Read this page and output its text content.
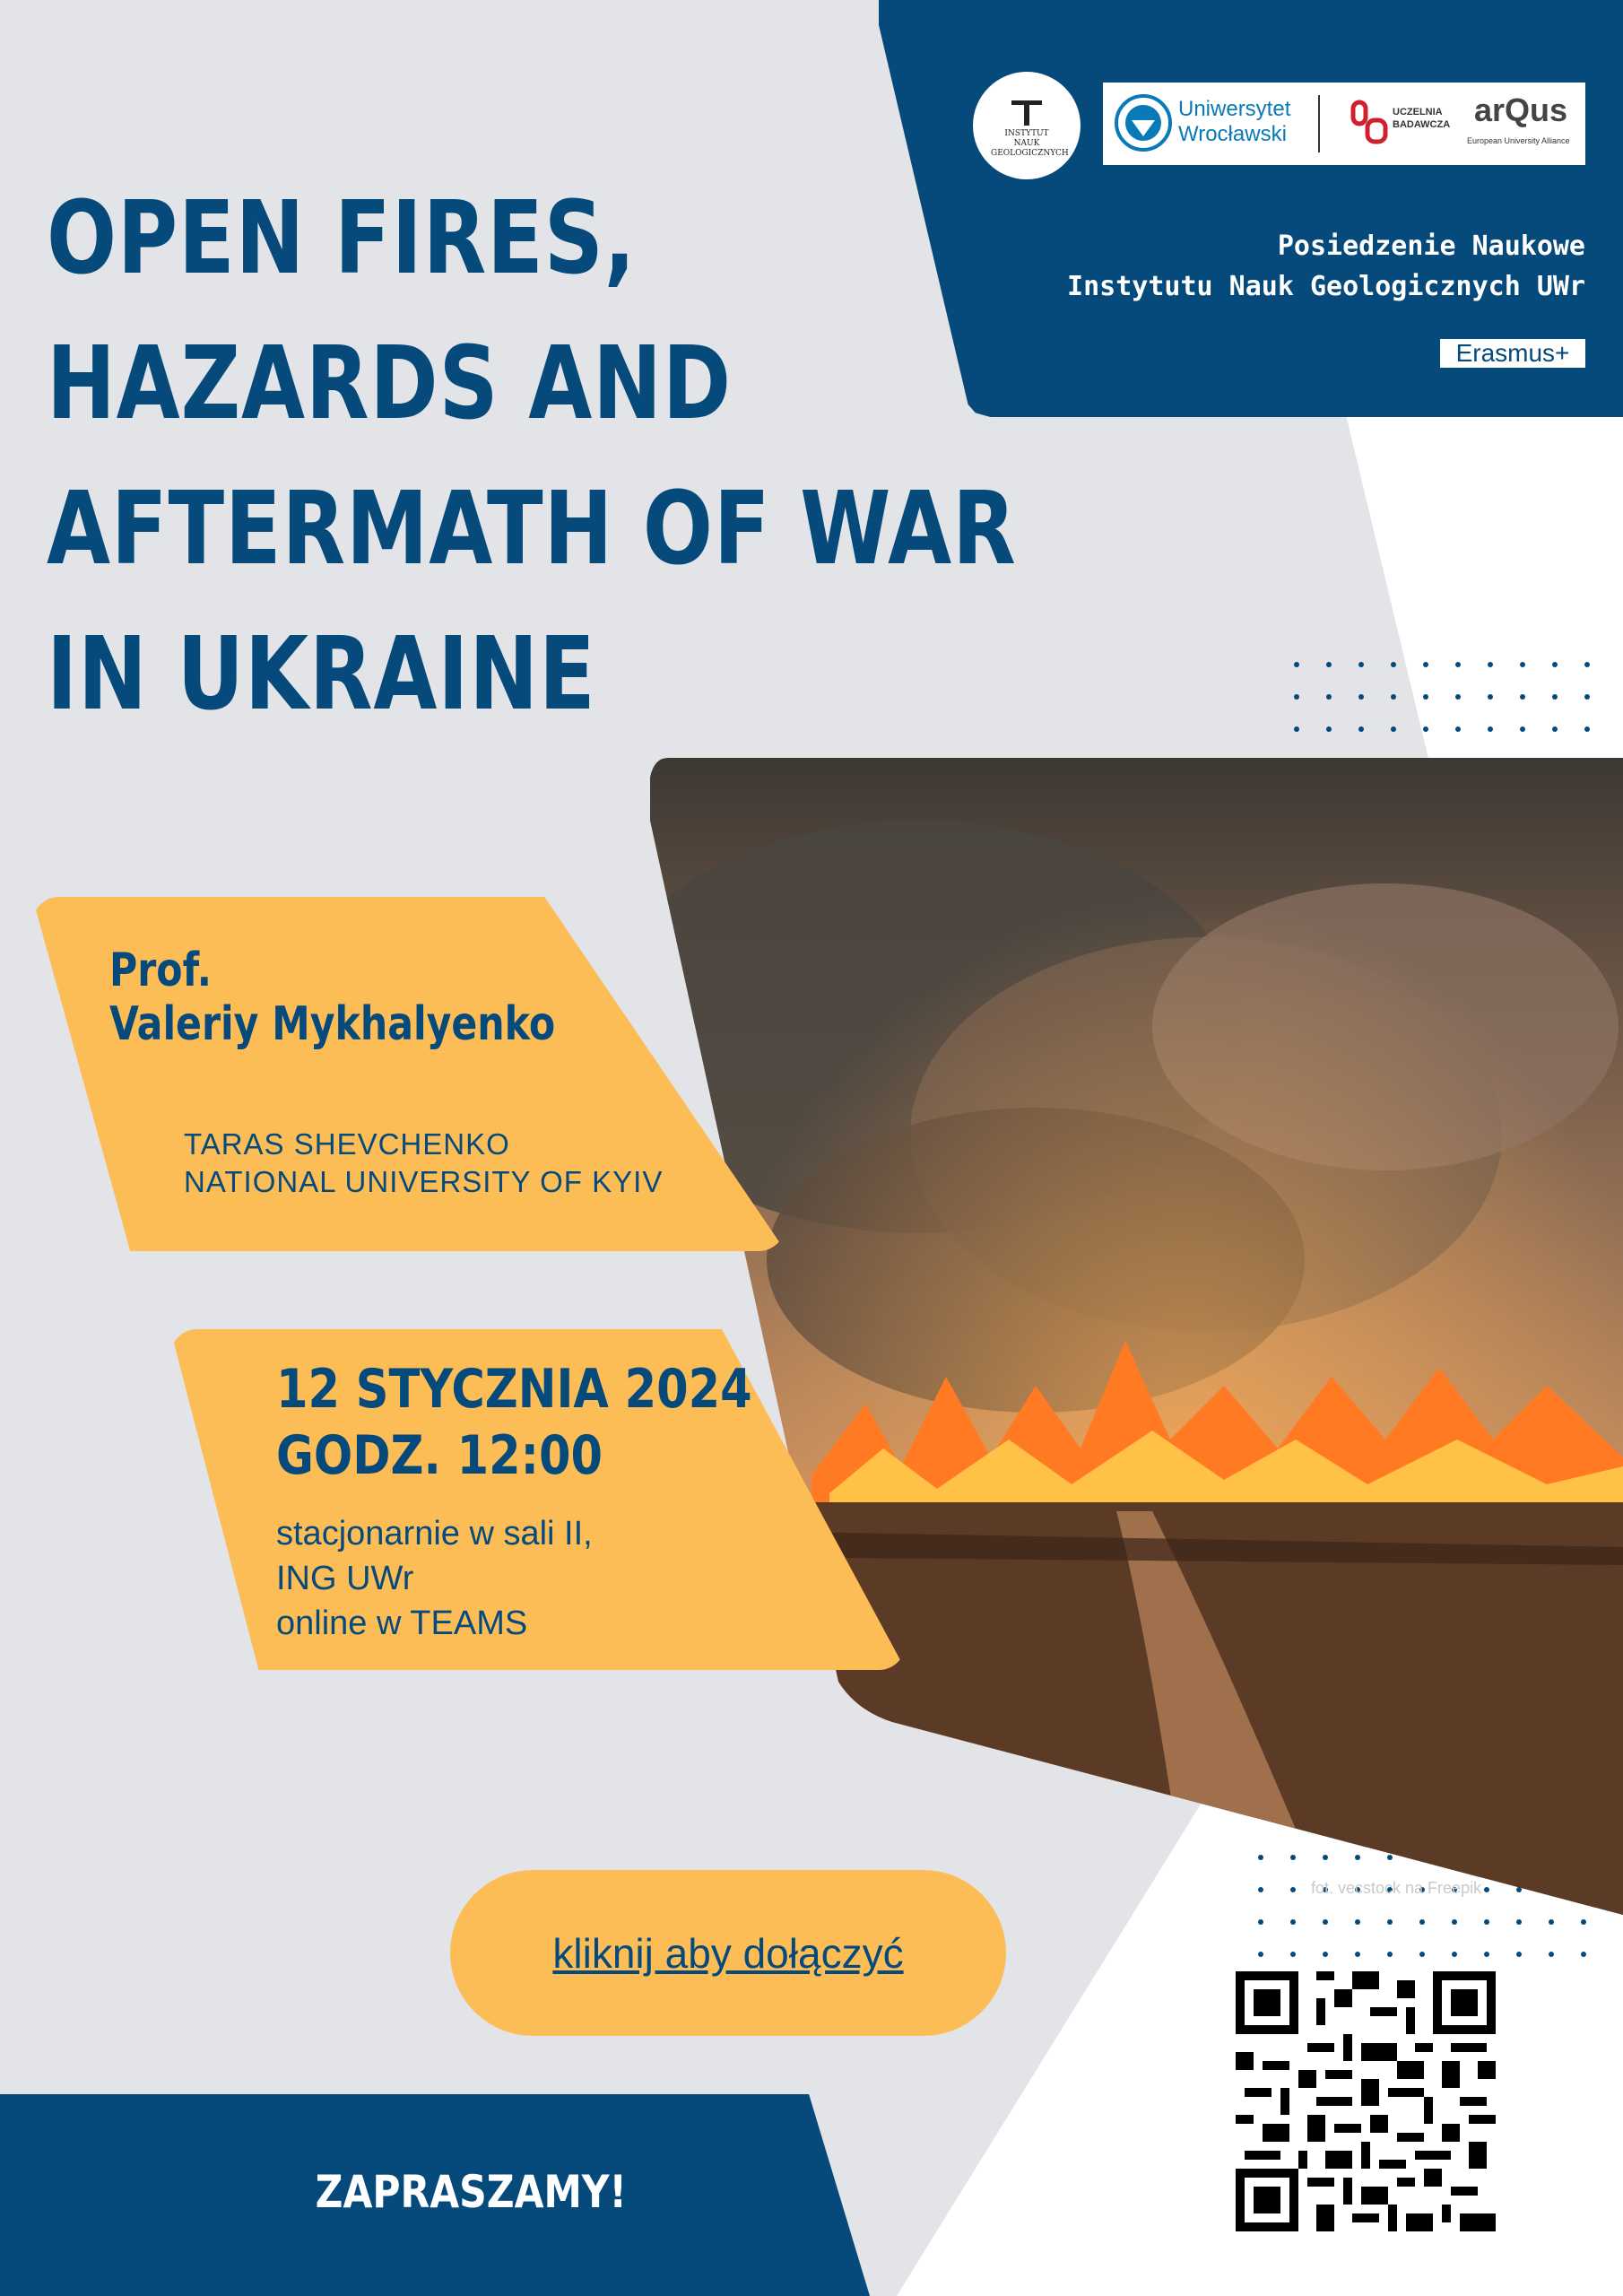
INSTYTUT NAUK GEOLOGICZNYCH
Uniwersytet Wrocławski
UCZELNIA BADAWCZA arQus
European University Alliance
Posiedzenie Naukowe
Instytutu Nauk Geologicznych UWr
Erasmus+
OPEN FIRES,
HAZARDS AND
AFTERMATH OF WAR
IN UKRAINE
Prof.
Valeriy Mykhalyenko
TARAS SHEVCHENKO
NATIONAL UNIVERSITY OF KYIV
12 STYCZNIA 2024
GODZ. 12:00
stacjonarnie w sali II,
ING UWr
online w TEAMS
fot. vecstock na Freepik
kliknij aby dołączyć
ZAPRASZAMY!
